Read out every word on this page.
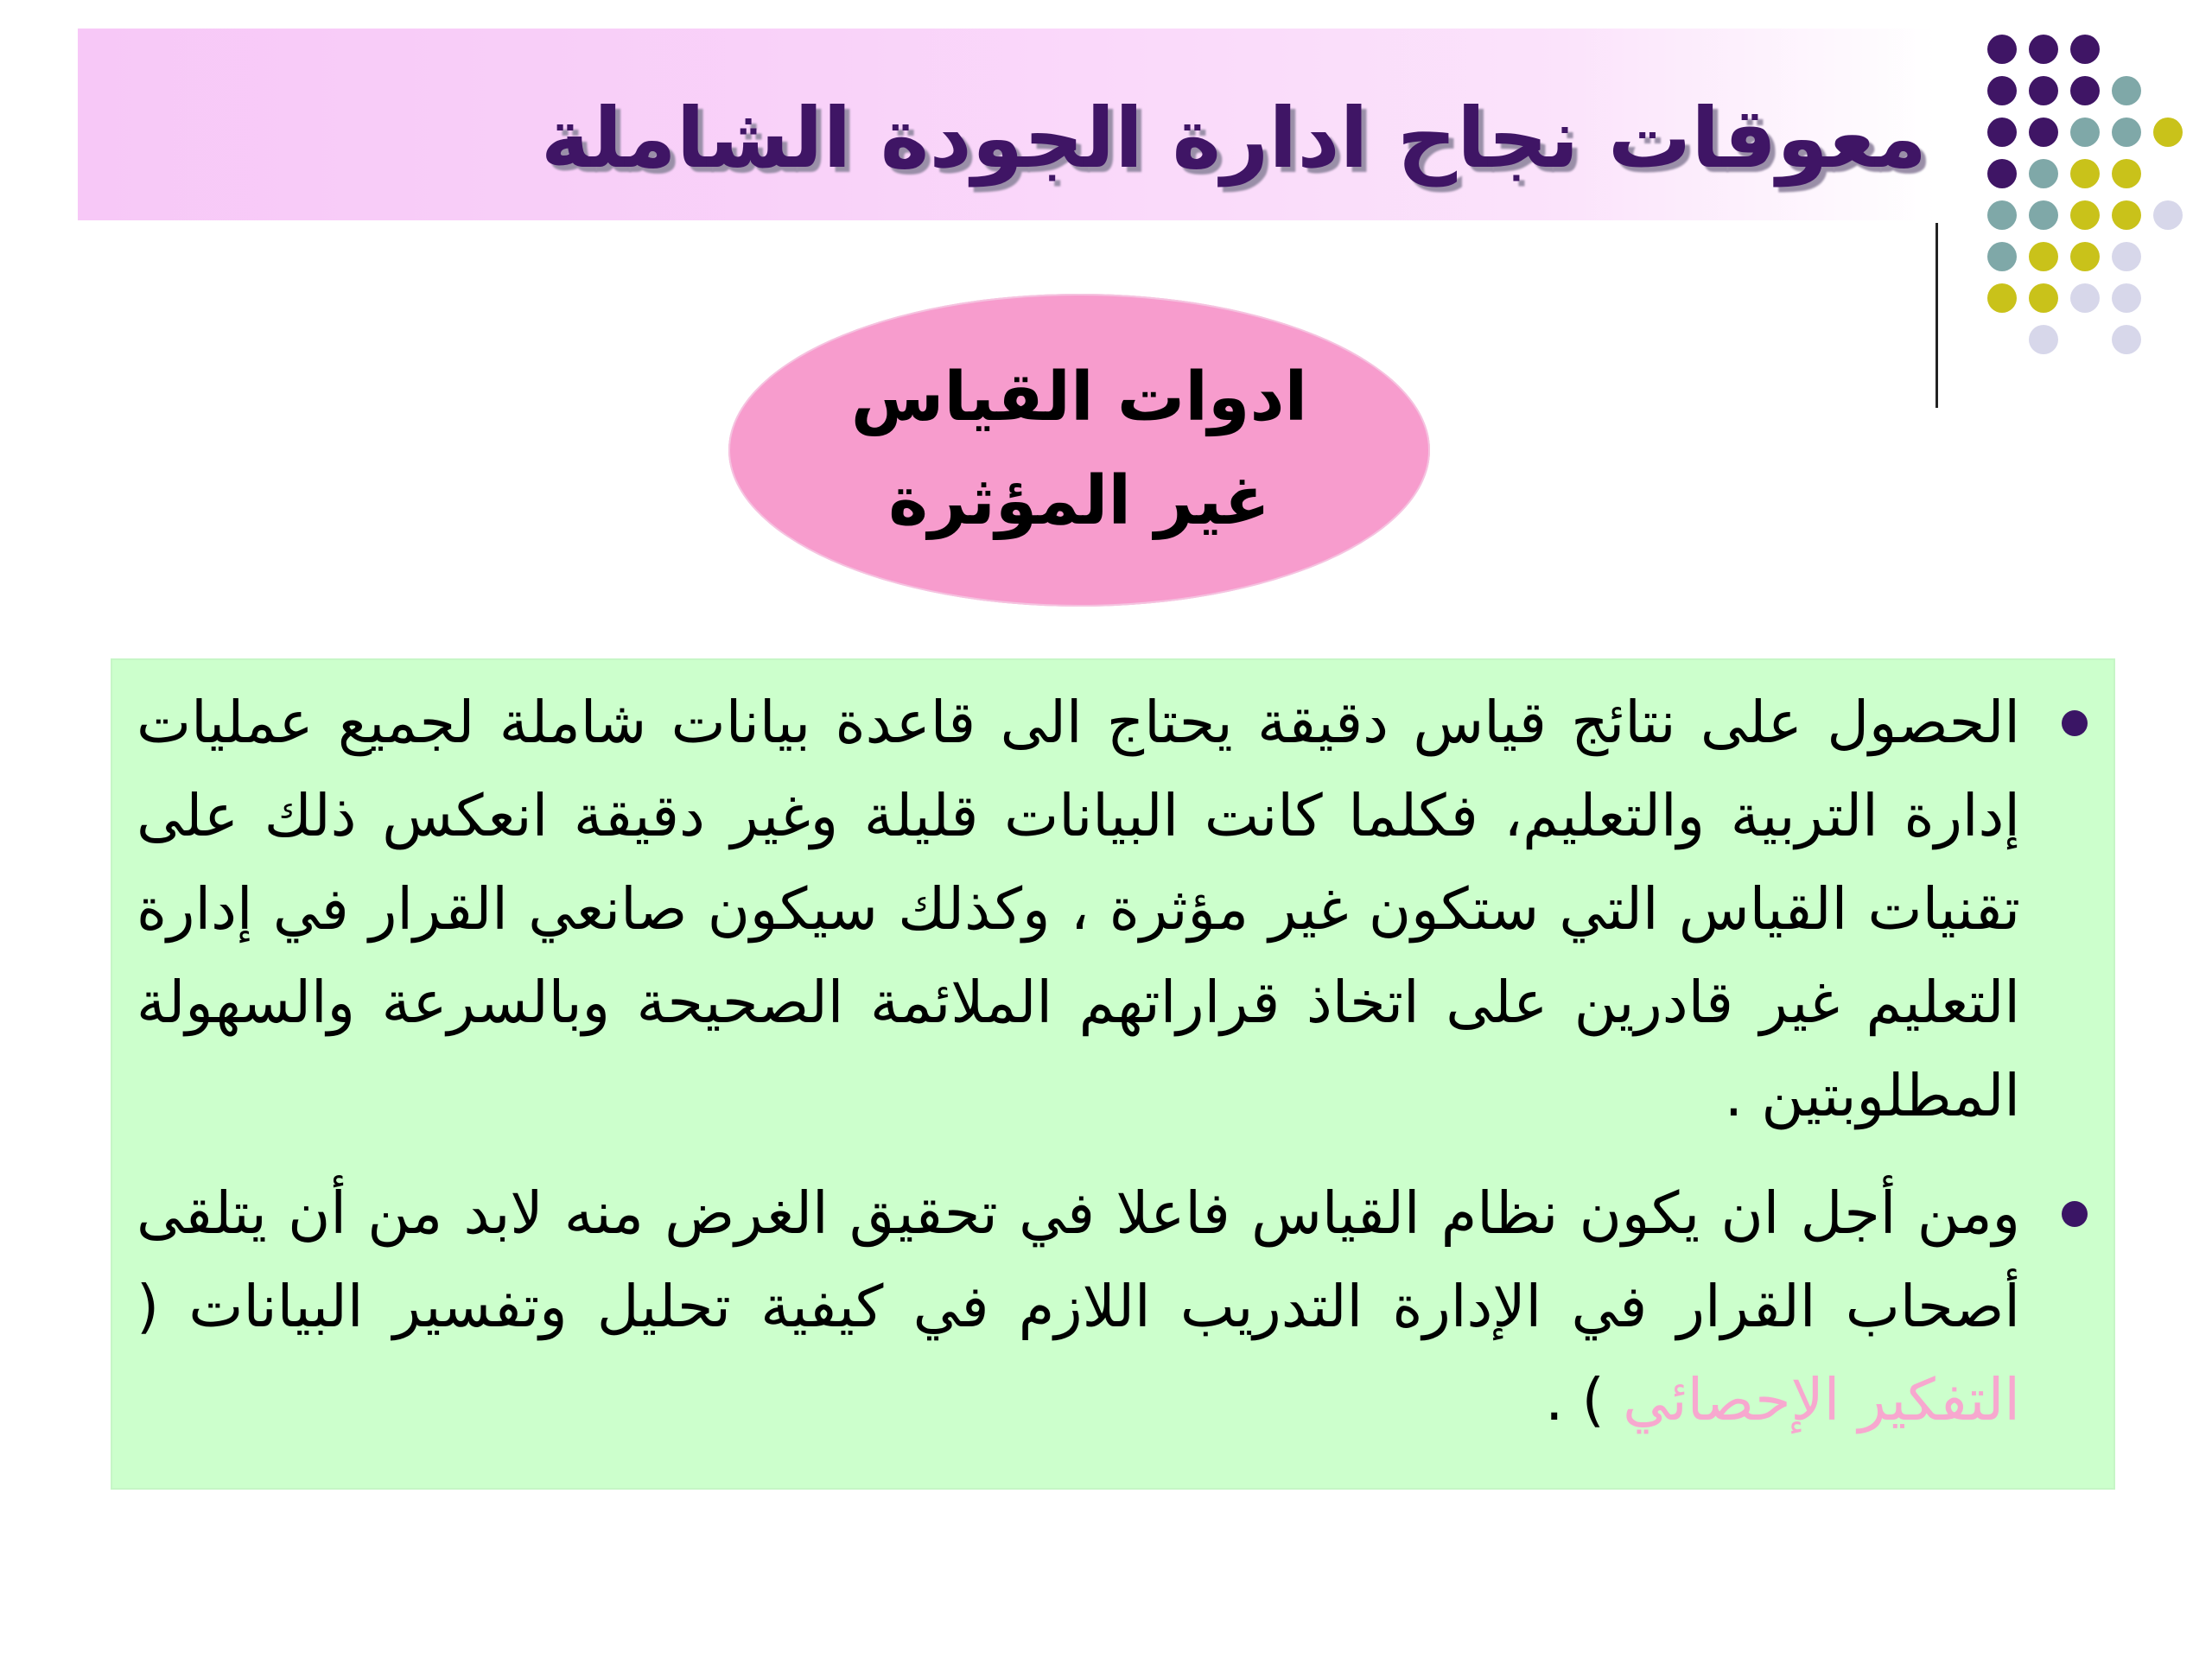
معوقات نجاح ادارة الجودة الشاملة
ادوات القياس
غير المؤثرة
الحصول على نتائج قياس دقيقة يحتاج الى قاعدة بيانات شاملة لجميع عمليات إدارة التربية والتعليم، فكلما كانت البيانات قليلة وغير دقيقة انعكس ذلك على تقنيات القياس التي ستكون غير مؤثرة ، وكذلك سيكون صانعي القرار في إدارة التعليم غير قادرين على اتخاذ قراراتهم الملائمة الصحيحة وبالسرعة والسهولة المطلوبتين .
ومن أجل ان يكون نظام القياس فاعلا في تحقيق الغرض منه لابد من أن يتلقى أصحاب القرار في الإدارة التدريب اللازم في كيفية تحليل وتفسير البيانات ( التفكير الإحصائي ) .
